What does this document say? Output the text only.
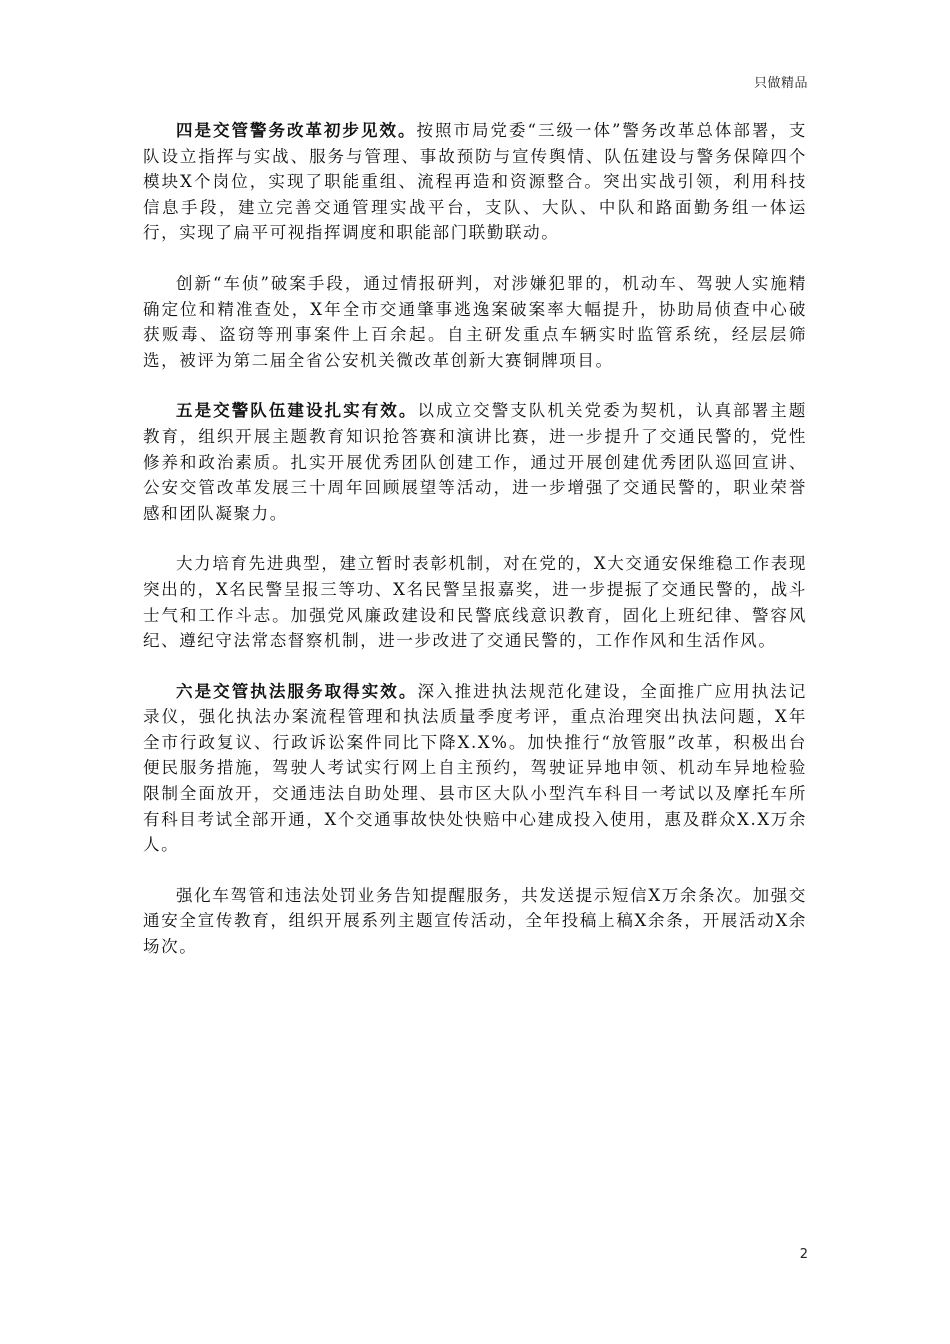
只做精品

四是交管警务改革初步见效。按照市局党委“三级一体”警务改革总体部署，支队设立指挥与实战、服务与管理、事故预防与宣传舆情、队伍建设与警务保障四个模块X个岗位，实现了职能重组、流程再造和资源整合。突出实战引领，利用科技信息手段，建立完善交通管理实战平台，支队、大队、中队和路面勤务组一体运行，实现了扁平可视指挥调度和职能部门联勤联动。

创新“车侦”破案手段，通过情报研判，对涉嫌犯罪的，机动车、驾驶人实施精确定位和精准查处，X年全市交通肇事逃逸案破案率大幅提升，协助局侦查中心破获贩毒、盗窃等刑事案件上百余起。自主研发重点车辆实时监管系统，经层层筛选，被评为第二届全省公安机关微改革创新大赛铜牌项目。

五是交警队伍建设扎实有效。以成立交警支队机关党委为契机，认真部署主题教育，组织开展主题教育知识抢答赛和演讲比赛，进一步提升了交通民警的，党性修养和政治素质。扎实开展优秀团队创建工作，通过开展创建优秀团队巡回宣讲、公安交管改革发展三十周年回顾展望等活动，进一步增强了交通民警的，职业荣誉感和团队凝聚力。

大力培育先进典型，建立暂时表彰机制，对在党的，X大交通安保维稳工作表现突出的，X名民警呈报三等功、X名民警呈报嘉奖，进一步提振了交通民警的，战斗士气和工作斗志。加强党风廉政建设和民警底线意识教育，固化上班纪律、警容风纪、遵纪守法常态督察机制，进一步改进了交通民警的，工作作风和生活作风。

六是交管执法服务取得实效。深入推进执法规范化建设，全面推广应用执法记录仪，强化执法办案流程管理和执法质量季度考评，重点治理突出执法问题，X年全市行政复议、行政诉讼案件同比下降X.X%。加快推行“放管服”改革，积极出台便民服务措施，驾驶人考试实行网上自主预约，驾驶证异地申领、机动车异地检验限制全面放开，交通违法自助处理、县市区大队小型汽车科目一考试以及摩托车所有科目考试全部开通，X个交通事故快处快赔中心建成投入使用，惠及群众X.X万余人。

强化车驾管和违法处罚业务告知提醒服务，共发送提示短信X万余条次。加强交通安全宣传教育，组织开展系列主题宣传活动，全年投稿上稿X余条，开展活动X余场次。

2
